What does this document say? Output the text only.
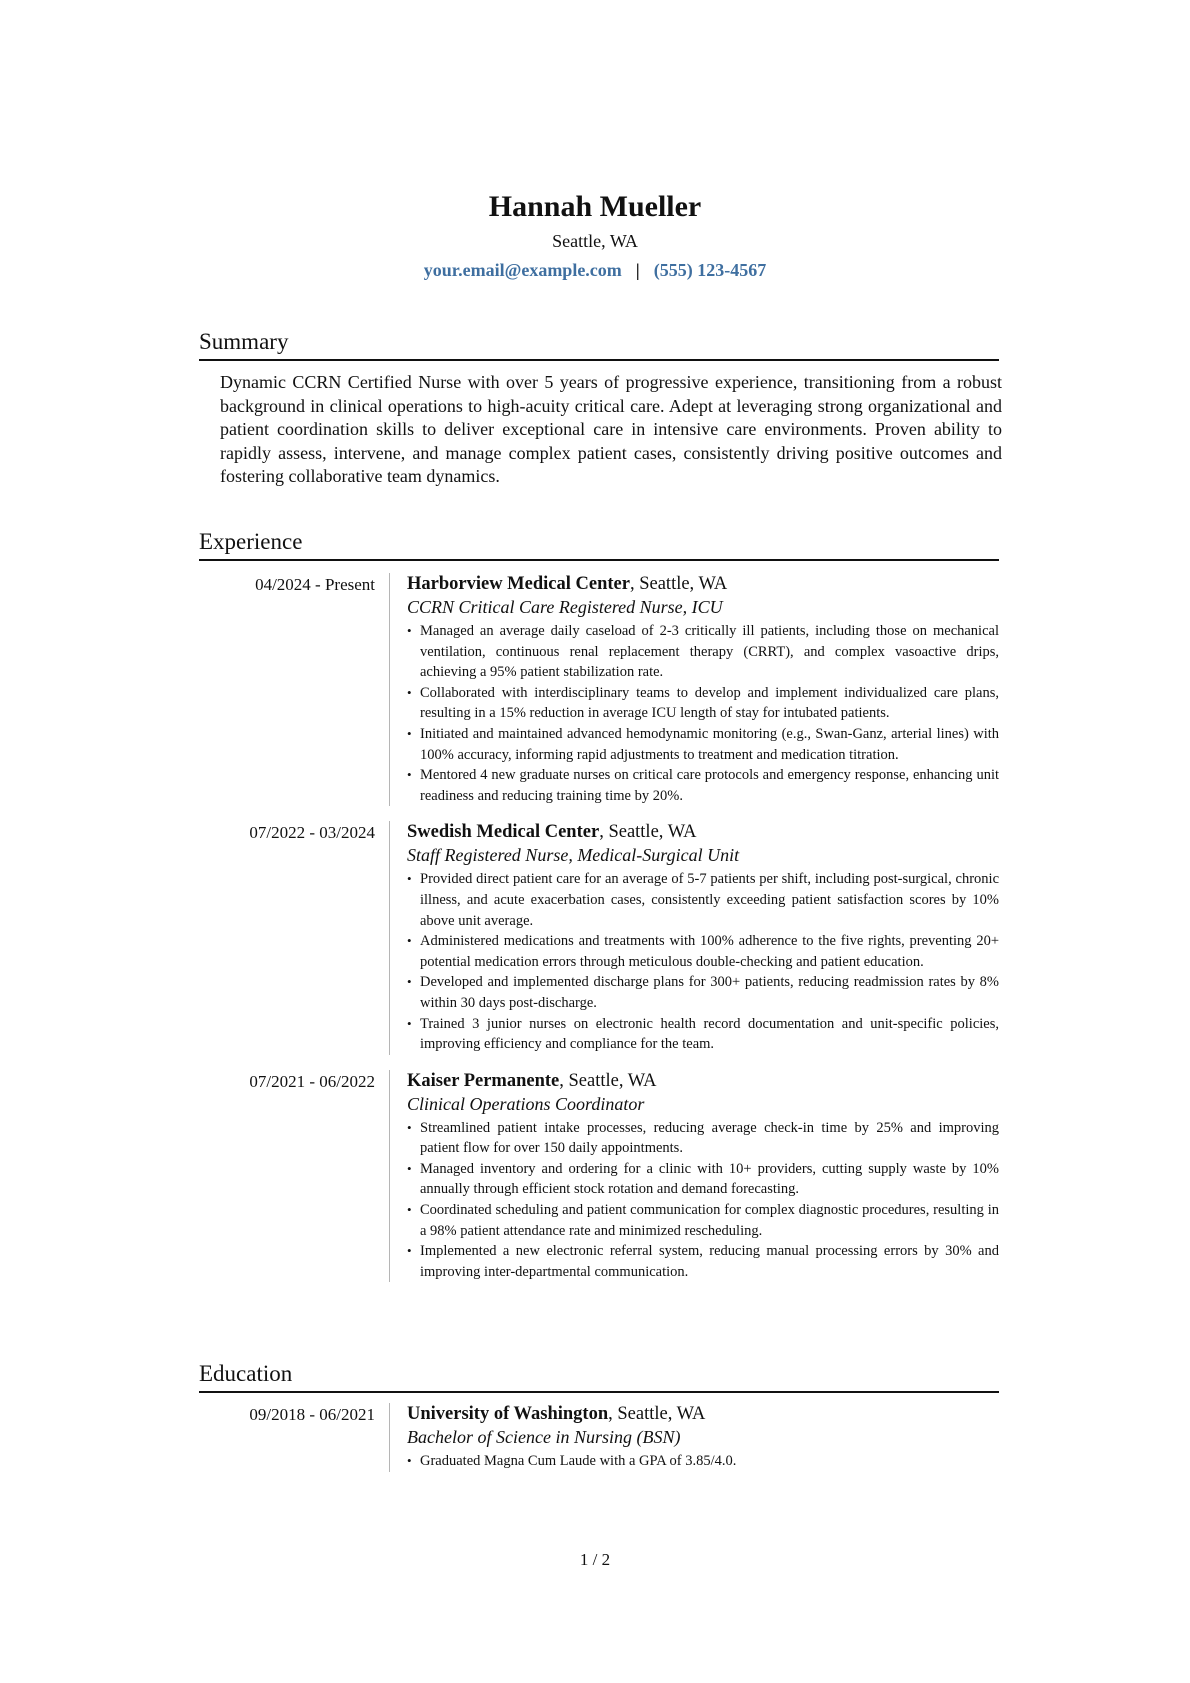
Hannah Mueller
Seattle, WA
your.email@example.com | (555) 123-4567
Summary
Dynamic CCRN Certified Nurse with over 5 years of progressive experience, transitioning from a robust background in clinical operations to high-acuity critical care. Adept at leveraging strong organizational and patient coordination skills to deliver exceptional care in intensive care environments. Proven ability to rapidly assess, intervene, and manage complex patient cases, consistently driving positive outcomes and fostering collaborative team dynamics.
Experience
04/2024 - Present Harborview Medical Center, Seattle, WA
CCRN Critical Care Registered Nurse, ICU
• Managed an average daily caseload of 2-3 critically ill patients, including those on mechanical ventilation, continuous renal replacement therapy (CRRT), and complex vasoactive drips, achieving a 95% patient stabilization rate.
• Collaborated with interdisciplinary teams to develop and implement individualized care plans, resulting in a 15% reduction in average ICU length of stay for intubated patients.
• Initiated and maintained advanced hemodynamic monitoring (e.g., Swan-Ganz, arterial lines) with 100% accuracy, informing rapid adjustments to treatment and medication titration.
• Mentored 4 new graduate nurses on critical care protocols and emergency response, enhancing unit readiness and reducing training time by 20%.
07/2022 - 03/2024 Swedish Medical Center, Seattle, WA
Staff Registered Nurse, Medical-Surgical Unit
• Provided direct patient care for an average of 5-7 patients per shift, including post-surgical, chronic illness, and acute exacerbation cases, consistently exceeding patient satisfaction scores by 10% above unit average.
• Administered medications and treatments with 100% adherence to the five rights, preventing 20+ potential medication errors through meticulous double-checking and patient education.
• Developed and implemented discharge plans for 300+ patients, reducing readmission rates by 8% within 30 days post-discharge.
• Trained 3 junior nurses on electronic health record documentation and unit-specific policies, improving efficiency and compliance for the team.
07/2021 - 06/2022 Kaiser Permanente, Seattle, WA
Clinical Operations Coordinator
• Streamlined patient intake processes, reducing average check-in time by 25% and improving patient flow for over 150 daily appointments.
• Managed inventory and ordering for a clinic with 10+ providers, cutting supply waste by 10% annually through efficient stock rotation and demand forecasting.
• Coordinated scheduling and patient communication for complex diagnostic procedures, resulting in a 98% patient attendance rate and minimized rescheduling.
• Implemented a new electronic referral system, reducing manual processing errors by 30% and improving inter-departmental communication.
Education
09/2018 - 06/2021 University of Washington, Seattle, WA
Bachelor of Science in Nursing (BSN)
• Graduated Magna Cum Laude with a GPA of 3.85/4.0.
1 / 2
